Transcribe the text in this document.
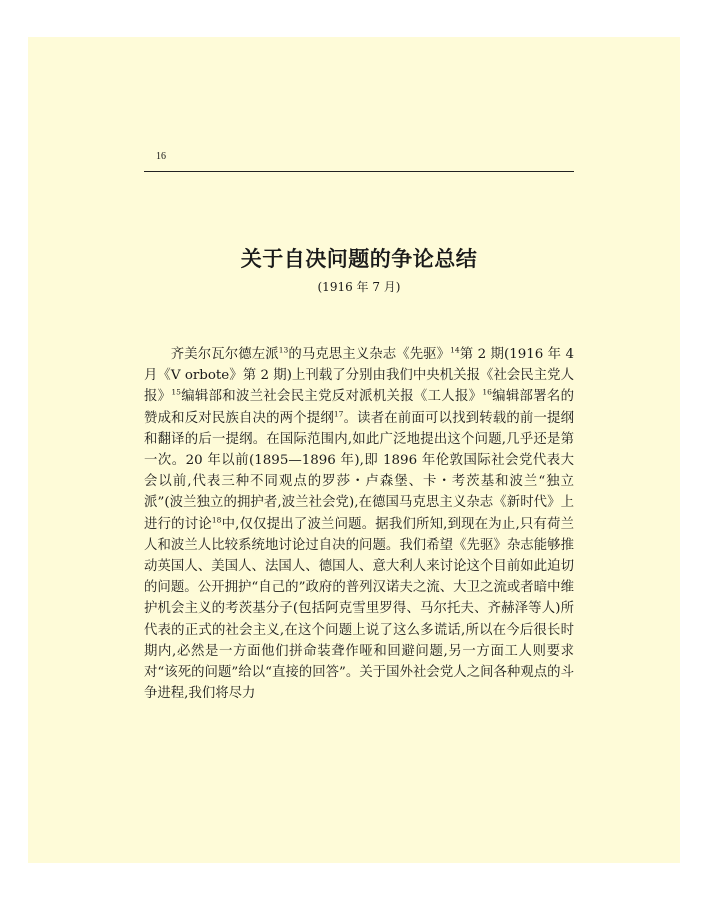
16
关于自决问题的争论总结
(1916 年 7 月)

齐美尔瓦尔德左派$^{13}$的马克思主义杂志《先驱》$^{14}$第 2 期(1916 年 4 月《V orbote》第 2 期)上刊载了分别由我们中央机关报《社会民主党人报》$^{15}$编辑部和波兰社会民主党反对派机关报《工人报》$^{16}$编辑部署名的赞成和反对民族自决的两个提纲$^{17}$。读者在前面可以找到转载的前一提纲和翻译的后一提纲。在国际范围内,如此广泛地提出这个问题,几乎还是第一次。20 年以前(1895—1896 年),即 1896 年伦敦国际社会党代表大会以前,代表三种不同观点的罗莎・卢森堡、卡・考茨基和波兰“独立派”(波兰独立的拥护者,波兰社会党),在德国马克思主义杂志《新时代》上进行的讨论$^{18}$中,仅仅提出了波兰问题。据我们所知,到现在为止,只有荷兰人和波兰人比较系统地讨论过自决的问题。我们希望《先驱》杂志能够推动英国人、美国人、法国人、德国人、意大利人来讨论这个目前如此迫切的问题。公开拥护“自己的”政府的普列汉诺夫之流、大卫之流或者暗中维护机会主义的考茨基分子(包括阿克雪里罗得、马尔托夫、齐赫泽等人)所代表的正式的社会主义,在这个问题上说了这么多谎话,所以在今后很长时期内,必然是一方面他们拼命装聋作哑和回避问题,另一方面工人则要求对“该死的问题”给以“直接的回答”。关于国外社会党人之间各种观点的斗争进程,我们将尽力
